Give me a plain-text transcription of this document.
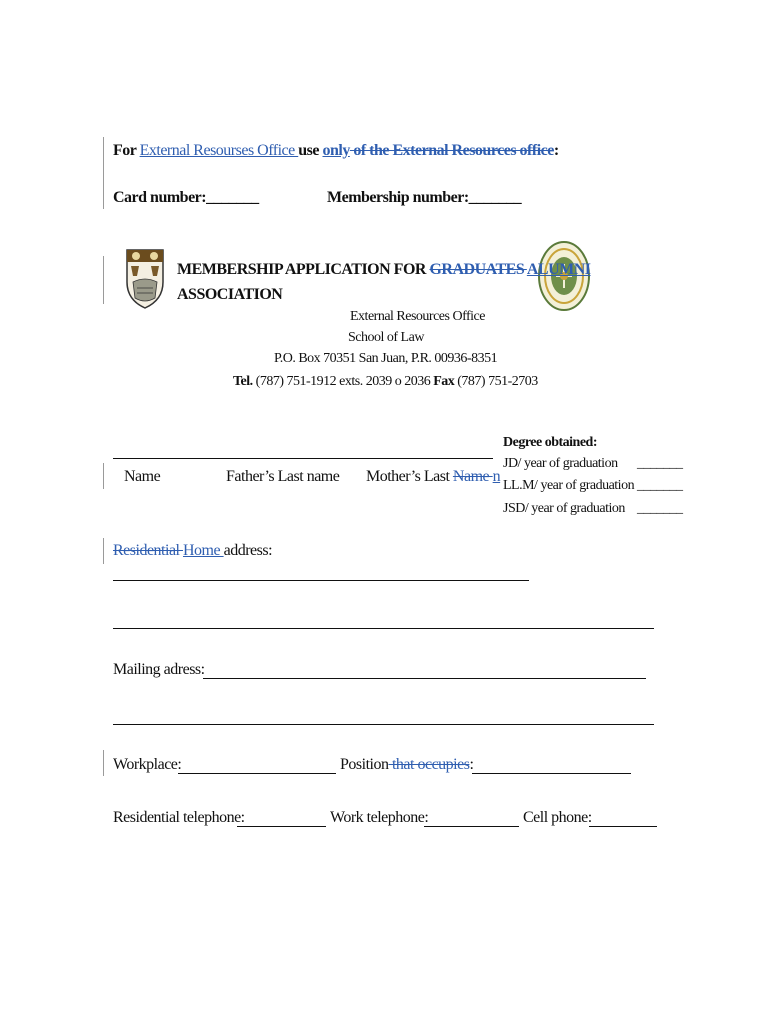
For External Resourses Office use only of the External Resources office:
Card number:_______	Membership number:_______
MEMBERSHIP APPLICATION FOR GRADUATES ALUMNI
ASSOCIATION
External Resources Office
School of Law
P.O. Box 70351 San Juan, P.R. 00936-8351
Tel. (787) 751-1912 exts. 2039 o 2036 Fax (787) 751-2703
Name	Father’s Last name Mother’s Last Name n
Degree obtained:
JD/ year of graduation _______
LL.M/ year of graduation _______
JSD/ year of graduation _______
Residential Home address:
Mailing adress:
Workplace:	Position that occupies:
Residential telephone:	Work telephone:	Cell phone:
